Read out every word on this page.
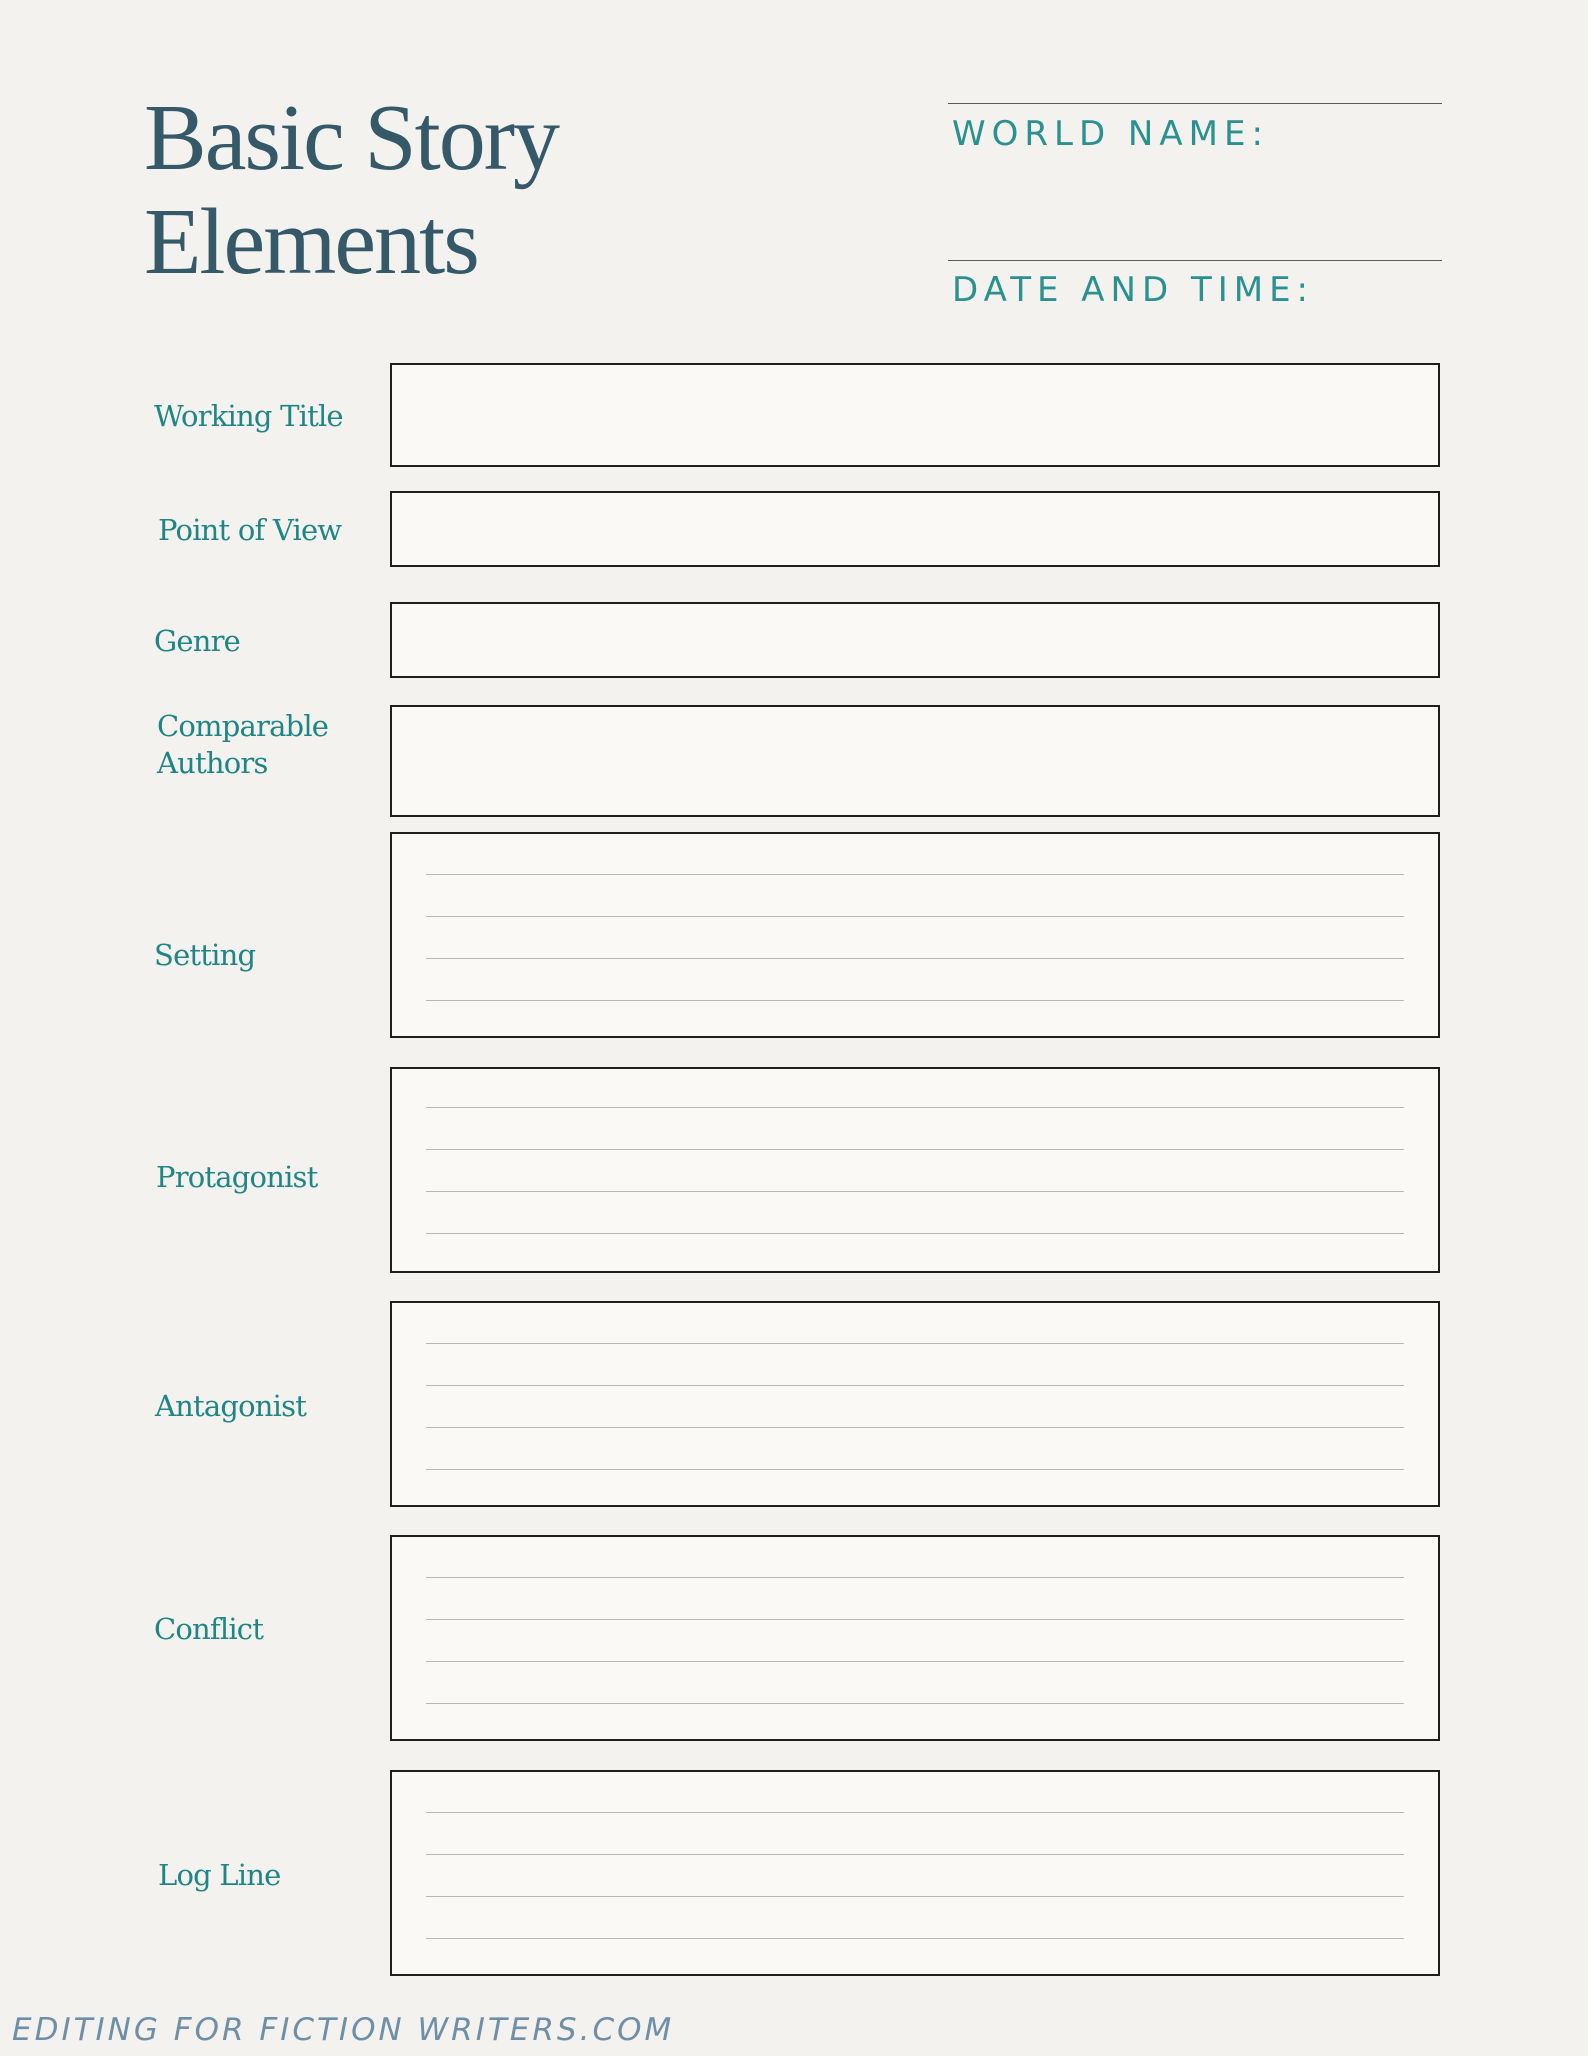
Basic Story
Elements
WORLD NAME:
DATE AND TIME:
Working Title
Point of View
Genre
Comparable
Authors
Setting
Protagonist
Antagonist
Conflict
Log Line
EDITING FOR FICTION WRITERS.COM
